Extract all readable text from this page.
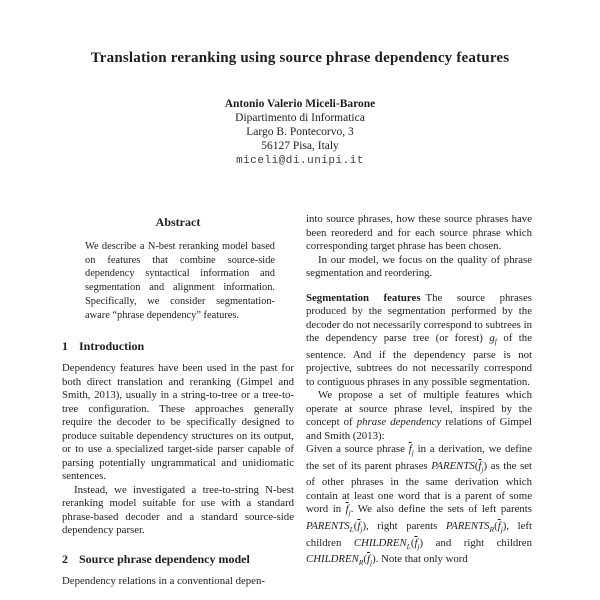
Translation reranking using source phrase dependency features
Antonio Valerio Miceli-Barone
Dipartimento di Informatica
Largo B. Pontecorvo, 3
56127 Pisa, Italy
miceli@di.unipi.it
Abstract

We describe a N-best reranking model based on features that combine source-side dependency syntactical information and segmentation and alignment information. Specifically, we consider segmentation-aware “phrase dependency” features.

1 Introduction

Dependency features have been used in the past for both direct translation and reranking (Gimpel and Smith, 2013), usually in a string-to-tree or a tree-to-tree configuration. These approaches generally require the decoder to be specifically designed to produce suitable dependency structures on its output, or to use a specialized target-side parser capable of parsing potentially ungrammatical and unidiomatic sentences.

Instead, we investigated a tree-to-string N-best reranking model suitable for use with a standard phrase-based decoder and a standard source-side dependency parser.

2 Source phrase dependency model

Dependency relations in a conventional depen-

into source phrases, how these source phrases have been reorederd and for each source phrase which corresponding target phrase has been chosen.

In our model, we focus on the quality of phrase segmentation and reordering.

Segmentation features The source phrases produced by the segmentation performed by the decoder do not necessarily correspond to subtrees in the dependency parse tree (or forest) $g_f$ of the sentence. And if the dependency parse is not projective, subtrees do not necessarily correspond to contiguous phrases in any possible segmentation.

We propose a set of multiple features which operate at source phrase level, inspired by the concept of phrase dependency relations of Gimpel and Smith (2013):

Given a source phrase $\overline{f}_j$ in a derivation, we define the set of its parent phrases $PARENTS(\overline{f}_j)$ as the set of other phrases in the same derivation which contain at least one word that is a parent of some word in $\overline{f}_j$. We also define the sets of left parents $PARENTS_L(\overline{f}_j)$, right parents $PARENTS_R(\overline{f}_j)$, left children $CHILDREN_L(\overline{f}_j)$ and right children $CHILDREN_R(\overline{f}_j)$. Note that only word
